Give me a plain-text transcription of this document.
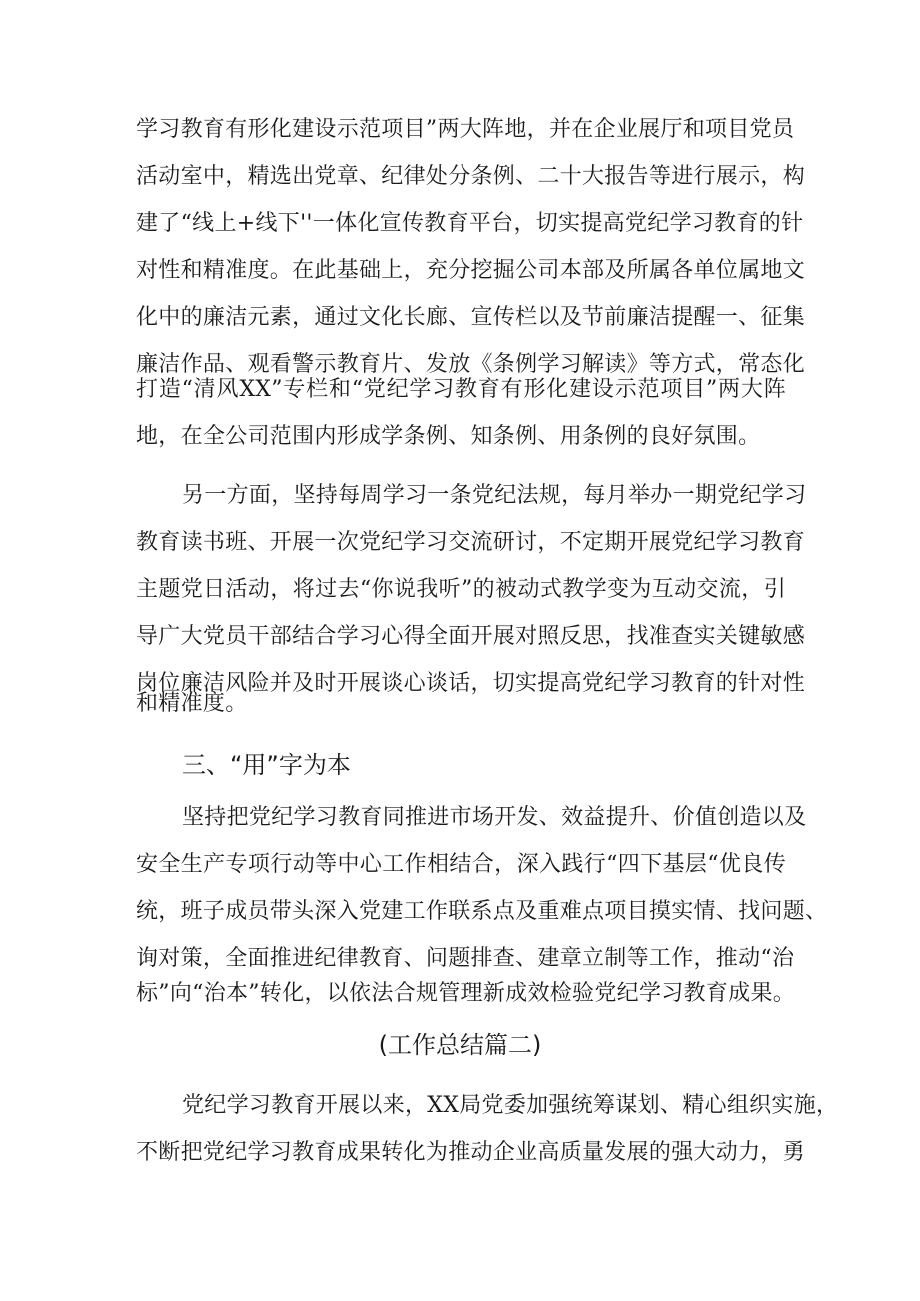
学习教育有形化建设示范项目”两大阵地，并在企业展厅和项目党员
活动室中，精选出党章、纪律处分条例、二十大报告等进行展示，构
建了“线上+线下''一体化宣传教育平台，切实提高党纪学习教育的针
对性和精准度。在此基础上，充分挖掘公司本部及所属各单位属地文
化中的廉洁元素，通过文化长廊、宣传栏以及节前廉洁提醒一、征集
廉洁作品、观看警示教育片、发放《条例学习解读》等方式，常态化
打造“清风XX”专栏和“党纪学习教育有形化建设示范项目”两大阵
地，在全公司范围内形成学条例、知条例、用条例的良好氛围。
另一方面，坚持每周学习一条党纪法规，每月举办一期党纪学习
教育读书班、开展一次党纪学习交流研讨，不定期开展党纪学习教育
主题党日活动，将过去“你说我听”的被动式教学变为互动交流，引
导广大党员干部结合学习心得全面开展对照反思，找准查实关键敏感
岗位廉洁风险并及时开展谈心谈话，切实提高党纪学习教育的针对性
和精准度。
三、“用”字为本
坚持把党纪学习教育同推进市场开发、效益提升、价值创造以及
安全生产专项行动等中心工作相结合，深入践行“四下基层“优良传
统，班子成员带头深入党建工作联系点及重难点项目摸实情、找问题、
询对策，全面推进纪律教育、问题排查、建章立制等工作，推动“治
标”向“治本”转化，以依法合规管理新成效检验党纪学习教育成果。
(工作总结篇二)
党纪学习教育开展以来，XX局党委加强统筹谋划、精心组织实施，
不断把党纪学习教育成果转化为推动企业高质量发展的强大动力，勇
